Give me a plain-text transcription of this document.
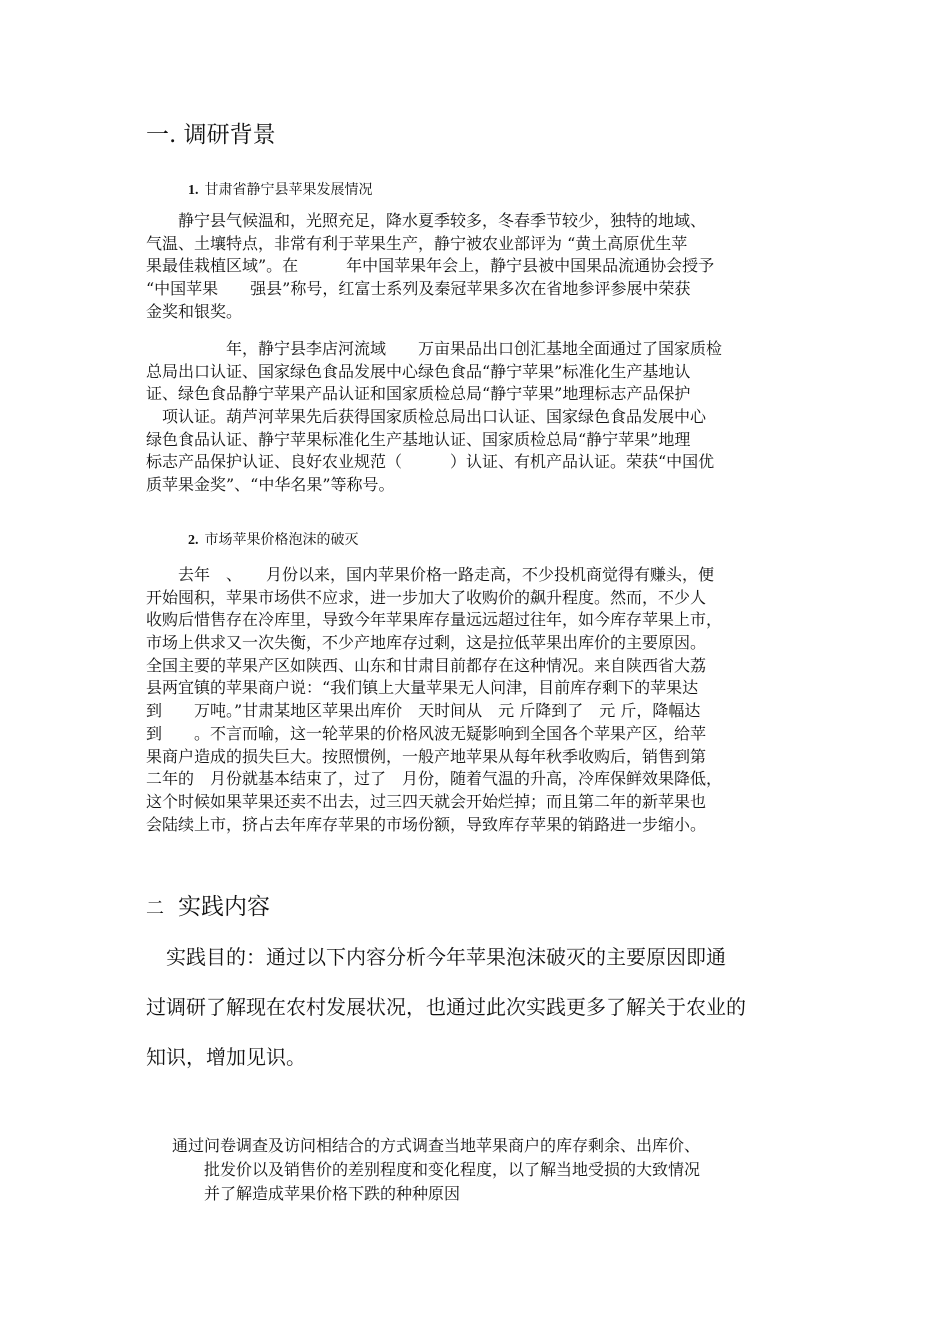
一. 调研背景
1. 甘肃省静宁县苹果发展情况
　　静宁县气候温和，光照充足，降水夏季较多，冬春季节较少，独特的地域、
气温、土壤特点，非常有利于苹果生产，静宁被农业部评为 “黄土高原优生苹
果最佳栽植区域”。在　　　年中国苹果年会上，静宁县被中国果品流通协会授予
“中国苹果　　强县”称号，红富士系列及秦冠苹果多次在省地参评参展中荣获
金奖和银奖。
　　　　　年，静宁县李店河流域　　万亩果品出口创汇基地全面通过了国家质检
总局出口认证、国家绿色食品发展中心绿色食品“静宁苹果”标准化生产基地认
证、绿色食品静宁苹果产品认证和国家质检总局“静宁苹果”地理标志产品保护
　项认证。葫芦河苹果先后获得国家质检总局出口认证、国家绿色食品发展中心
绿色食品认证、静宁苹果标准化生产基地认证、国家质检总局“静宁苹果”地理
标志产品保护认证、良好农业规范（　　　）认证、有机产品认证。荣获“中国优
质苹果金奖”、“中华名果”等称号。
2. 市场苹果价格泡沫的破灭
　　去年　、　　月份以来，国内苹果价格一路走高，不少投机商觉得有赚头，便
开始囤积，苹果市场供不应求，进一步加大了收购价的飙升程度。然而，不少人
收购后惜售存在冷库里，导致今年苹果库存量远远超过往年，如今库存苹果上市，
市场上供求又一次失衡，不少产地库存过剩，这是拉低苹果出库价的主要原因。
全国主要的苹果产区如陕西、山东和甘肃目前都存在这种情况。来自陕西省大荔
县两宜镇的苹果商户说：“我们镇上大量苹果无人问津，目前库存剩下的苹果达
到　　万吨。”甘肃某地区苹果出库价　天时间从　元 斤降到了　元 斤，降幅达
到　　。不言而喻，这一轮苹果的价格风波无疑影响到全国各个苹果产区，给苹
果商户造成的损失巨大。按照惯例，一般产地苹果从每年秋季收购后，销售到第
二年的　月份就基本结束了，过了　月份，随着气温的升高，冷库保鲜效果降低，
这个时候如果苹果还卖不出去，过三四天就会开始烂掉；而且第二年的新苹果也
会陆续上市，挤占去年库存苹果的市场份额，导致库存苹果的销路进一步缩小。
二 实践内容
　实践目的：通过以下内容分析今年苹果泡沫破灭的主要原因即通
过调研了解现在农村发展状况，也通过此次实践更多了解关于农业的
知识，增加见识。
通过问卷调查及访问相结合的方式调查当地苹果商户的库存剩余、出库价、
　　批发价以及销售价的差别程度和变化程度，以了解当地受损的大致情况
　　并了解造成苹果价格下跌的种种原因
